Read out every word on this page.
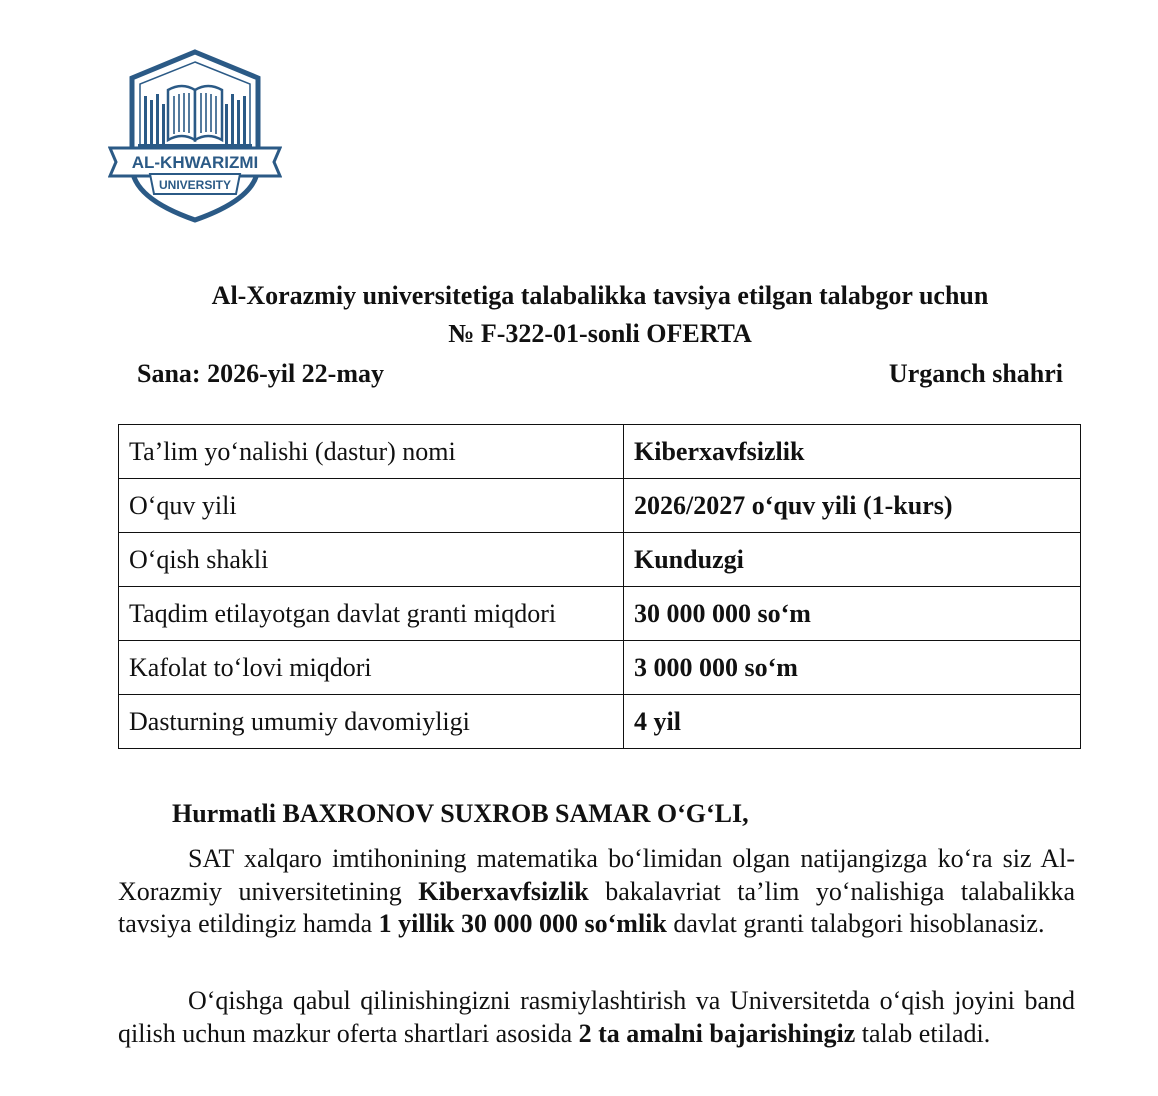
AL-KHWARIZMI
UNIVERSITY
Al-Xorazmiy universitetiga talabalikka tavsiya etilgan talabgor uchun
№ F-322-01-sonli OFERTA
Sana: 2026-yil 22-may	Urganch shahri
Ta’lim yo‘nalishi (dastur) nomi	Kiberxavfsizlik
O‘quv yili	2026/2027 o‘quv yili (1-kurs)
O‘qish shakli	Kunduzgi
Taqdim etilayotgan davlat granti miqdori	30 000 000 so‘m
Kafolat to‘lovi miqdori	3 000 000 so‘m
Dasturning umumiy davomiyligi	4 yil
Hurmatli BAXRONOV SUXROB SAMAR O‘G‘LI,
SAT xalqaro imtihonining matematika bo‘limidan olgan natijangizga ko‘ra siz Al-Xorazmiy universitetining Kiberxavfsizlik bakalavriat ta’lim yo‘nalishiga talabalikka tavsiya etildingiz hamda 1 yillik 30 000 000 so‘mlik davlat granti talabgori hisoblanasiz.
O‘qishga qabul qilinishingizni rasmiylashtirish va Universitetda o‘qish joyini band qilish uchun mazkur oferta shartlari asosida 2 ta amalni bajarishingiz talab etiladi.
